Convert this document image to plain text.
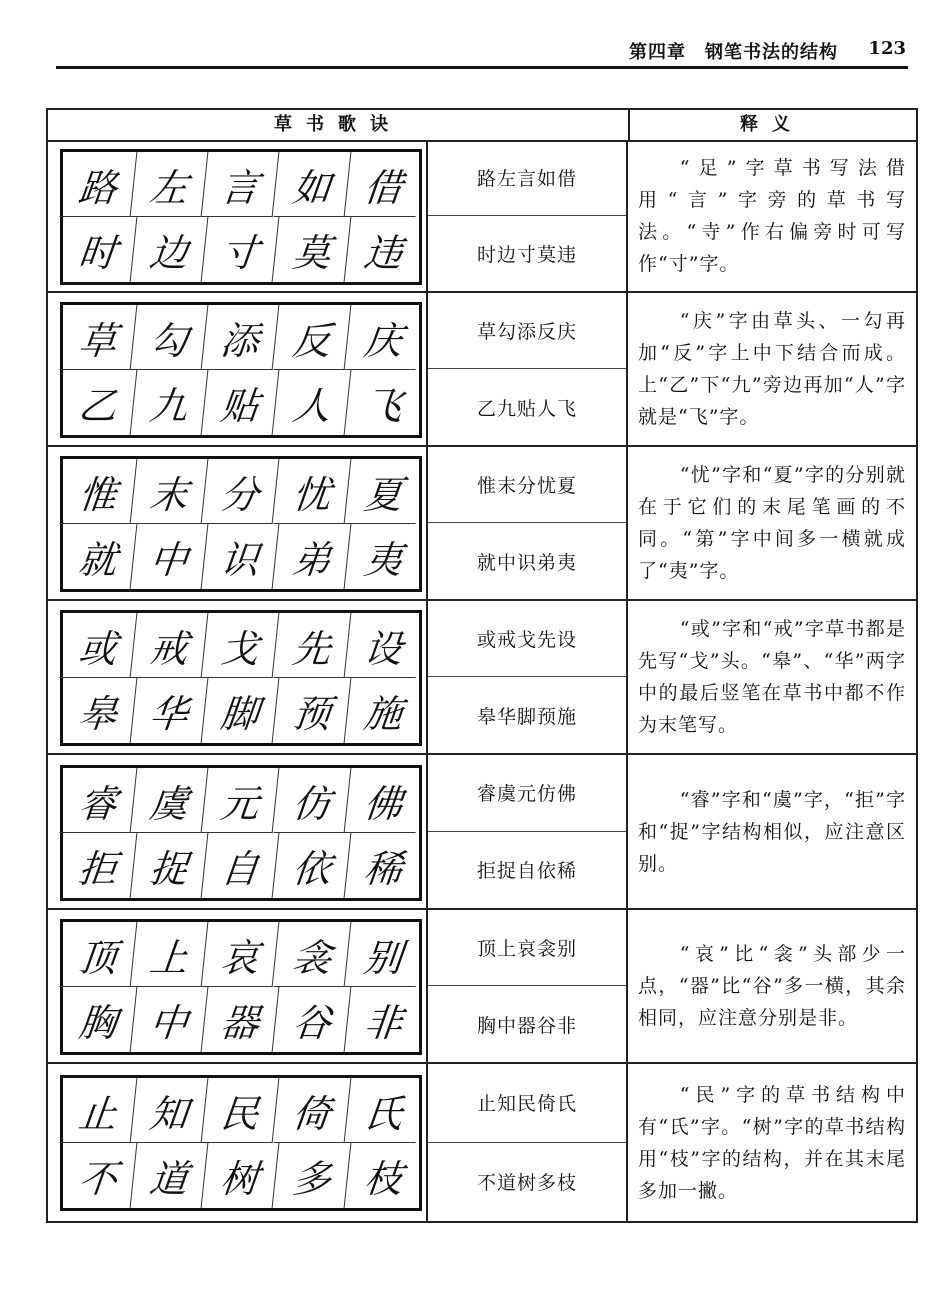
第四章　钢笔书法的结构 123
草书歌诀	释义
路 左 言 如 借
时 边 寸 莫 违
路左言如借
时边寸莫违
“足”字草书写法借用“言”字旁的草书写法。“寺”作右偏旁时可写作“寸”字。
草 勾 添 反 庆
乙 九 贴 人 飞
草勾添反庆
乙九贴人飞
“庆”字由草头、一勾再加“反”字上中下结合而成。上“乙”下“九”旁边再加“人”字就是“飞”字。
惟 末 分 忧 夏
就 中 识 弟 夷
惟末分忧夏
就中识弟夷
“忧”字和“夏”字的分别就在于它们的末尾笔画的不同。“第”字中间多一横就成了“夷”字。
或 戒 戈 先 设
皋 华 脚 预 施
或戒戈先设
皋华脚预施
“或”字和“戒”字草书都是先写“戈”头。“皋”、“华”两字中的最后竖笔在草书中都不作为末笔写。
睿 虞 元 仿 佛
拒 捉 自 依 稀
睿虞元仿佛
拒捉自依稀
“睿”字和“虞”字，“拒”字和“捉”字结构相似，应注意区别。
顶 上 哀 衾 别
胸 中 器 谷 非
顶上哀衾别
胸中器谷非
“哀”比“衾”头部少一点，“器”比“谷”多一横，其余相同，应注意分别是非。
止 知 民 倚 氏
不 道 树 多 枝
止知民倚氏
不道树多枝
“民”字的草书结构中有“氏”字。“树”字的草书结构用“枝”字的结构，并在其末尾多加一撇。
